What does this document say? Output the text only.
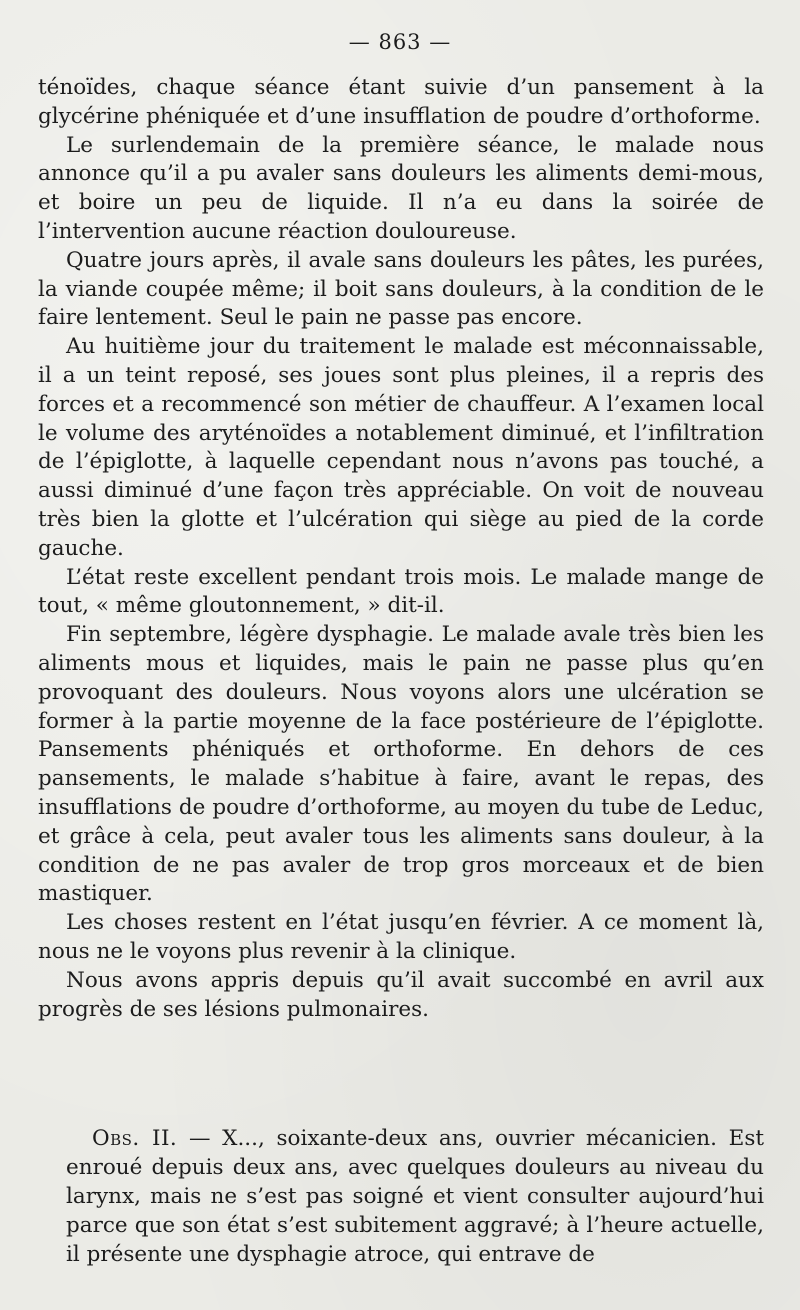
— 863 —

ténoïdes, chaque séance étant suivie d’un pansement à la glycérine phéniquée et d’une insufflation de poudre d’orthoforme.

Le surlendemain de la première séance, le malade nous annonce qu’il a pu avaler sans douleurs les aliments demi-mous, et boire un peu de liquide. Il n’a eu dans la soirée de l’intervention aucune réaction douloureuse.

Quatre jours après, il avale sans douleurs les pâtes, les purées, la viande coupée même; il boit sans douleurs, à la condition de le faire lentement. Seul le pain ne passe pas encore.

Au huitième jour du traitement le malade est méconnaissable, il a un teint reposé, ses joues sont plus pleines, il a repris des forces et a recommencé son métier de chauffeur. A l’examen local le volume des aryténoïdes a notablement diminué, et l’infiltration de l’épiglotte, à laquelle cependant nous n’avons pas touché, a aussi diminué d’une façon très appréciable. On voit de nouveau très bien la glotte et l’ulcération qui siège au pied de la corde gauche.

L’état reste excellent pendant trois mois. Le malade mange de tout, « même gloutonnement, » dit-il.

Fin septembre, légère dysphagie. Le malade avale très bien les aliments mous et liquides, mais le pain ne passe plus qu’en provoquant des douleurs. Nous voyons alors une ulcération se former à la partie moyenne de la face postérieure de l’épiglotte. Pansements phéniqués et orthoforme. En dehors de ces pansements, le malade s’habitue à faire, avant le repas, des insufflations de poudre d’orthoforme, au moyen du tube de Leduc, et grâce à cela, peut avaler tous les aliments sans douleur, à la condition de ne pas avaler de trop gros morceaux et de bien mastiquer.

Les choses restent en l’état jusqu’en février. A ce moment là, nous ne le voyons plus revenir à la clinique.

Nous avons appris depuis qu’il avait succombé en avril aux progrès de ses lésions pulmonaires.

Obs. II. — X..., soixante-deux ans, ouvrier mécanicien. Est enroué depuis deux ans, avec quelques douleurs au niveau du larynx, mais ne s’est pas soigné et vient consulter aujourd’hui parce que son état s’est subitement aggravé; à l’heure actuelle, il présente une dysphagie atroce, qui entrave de
